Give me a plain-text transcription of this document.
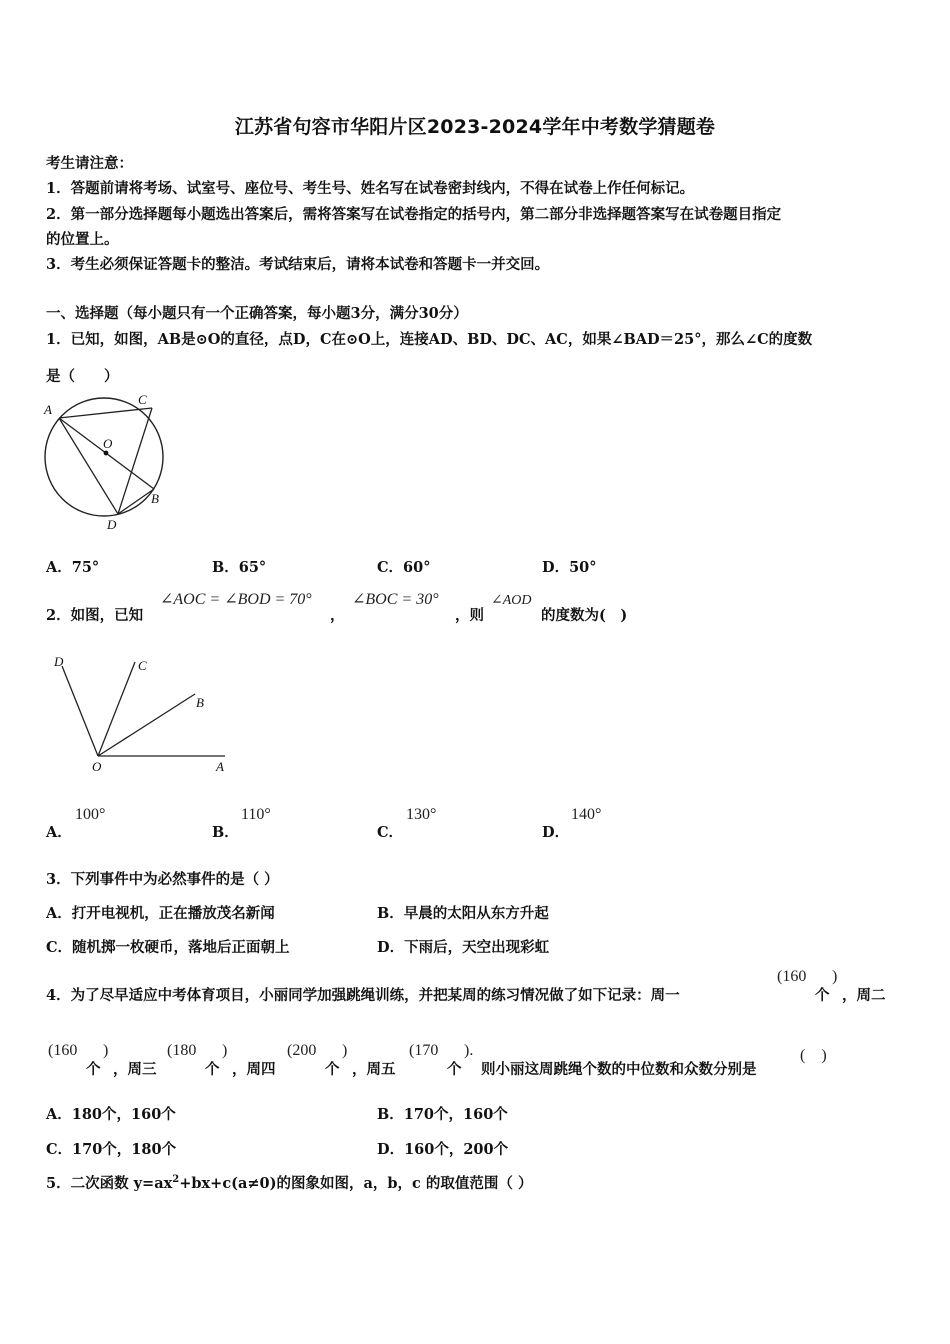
江苏省句容市华阳片区2023-2024学年中考数学猜题卷
考生请注意：
1．答题前请将考场、试室号、座位号、考生号、姓名写在试卷密封线内，不得在试卷上作任何标记。
2．第一部分选择题每小题选出答案后，需将答案写在试卷指定的括号内，第二部分非选择题答案写在试卷题目指定
的位置上。
3．考生必须保证答题卡的整洁。考试结束后，请将本试卷和答题卡一并交回。
一、选择题（每小题只有一个正确答案，每小题3分，满分30分）
1．已知，如图，AB是⊙O的直径，点D，C在⊙O上，连接AD、BD、DC、AC，如果∠BAD＝25°，那么∠C的度数
是（　　）
A
C
O
B
D
A．75°	B．65°	C．60°	D．50°
2．如图，已知
∠AOC = ∠BOD = 70°
，
∠BOC = 30°
，则
∠AOD
的度数为(　)
D	C
B
O	A
A．
100°
B．
110°
C．
130°
D．
140°
3．下列事件中为必然事件的是（ ）
A．打开电视机，正在播放茂名新闻	B．早晨的太阳从东方升起
C．随机掷一枚硬币，落地后正面朝上	D．下雨后，天空出现彩虹
4．为了尽早适应中考体育项目，小丽同学加强跳绳训练，并把某周的练习情况做了如下记录：周一
(160
个
)
，周二
(160
个
)
，周三
(180
个
)
，周四
(200
个
)
，周五
(170
个
).
则小丽这周跳绳个数的中位数和众数分别是
(　)
A．180个，160个	B．170个，160个
C．170个，180个	D．160个，200个
5．二次函数 $y=ax^2+bx+c(a\ne 0)$的图象如图，a，b，c 的取值范围（ ）
